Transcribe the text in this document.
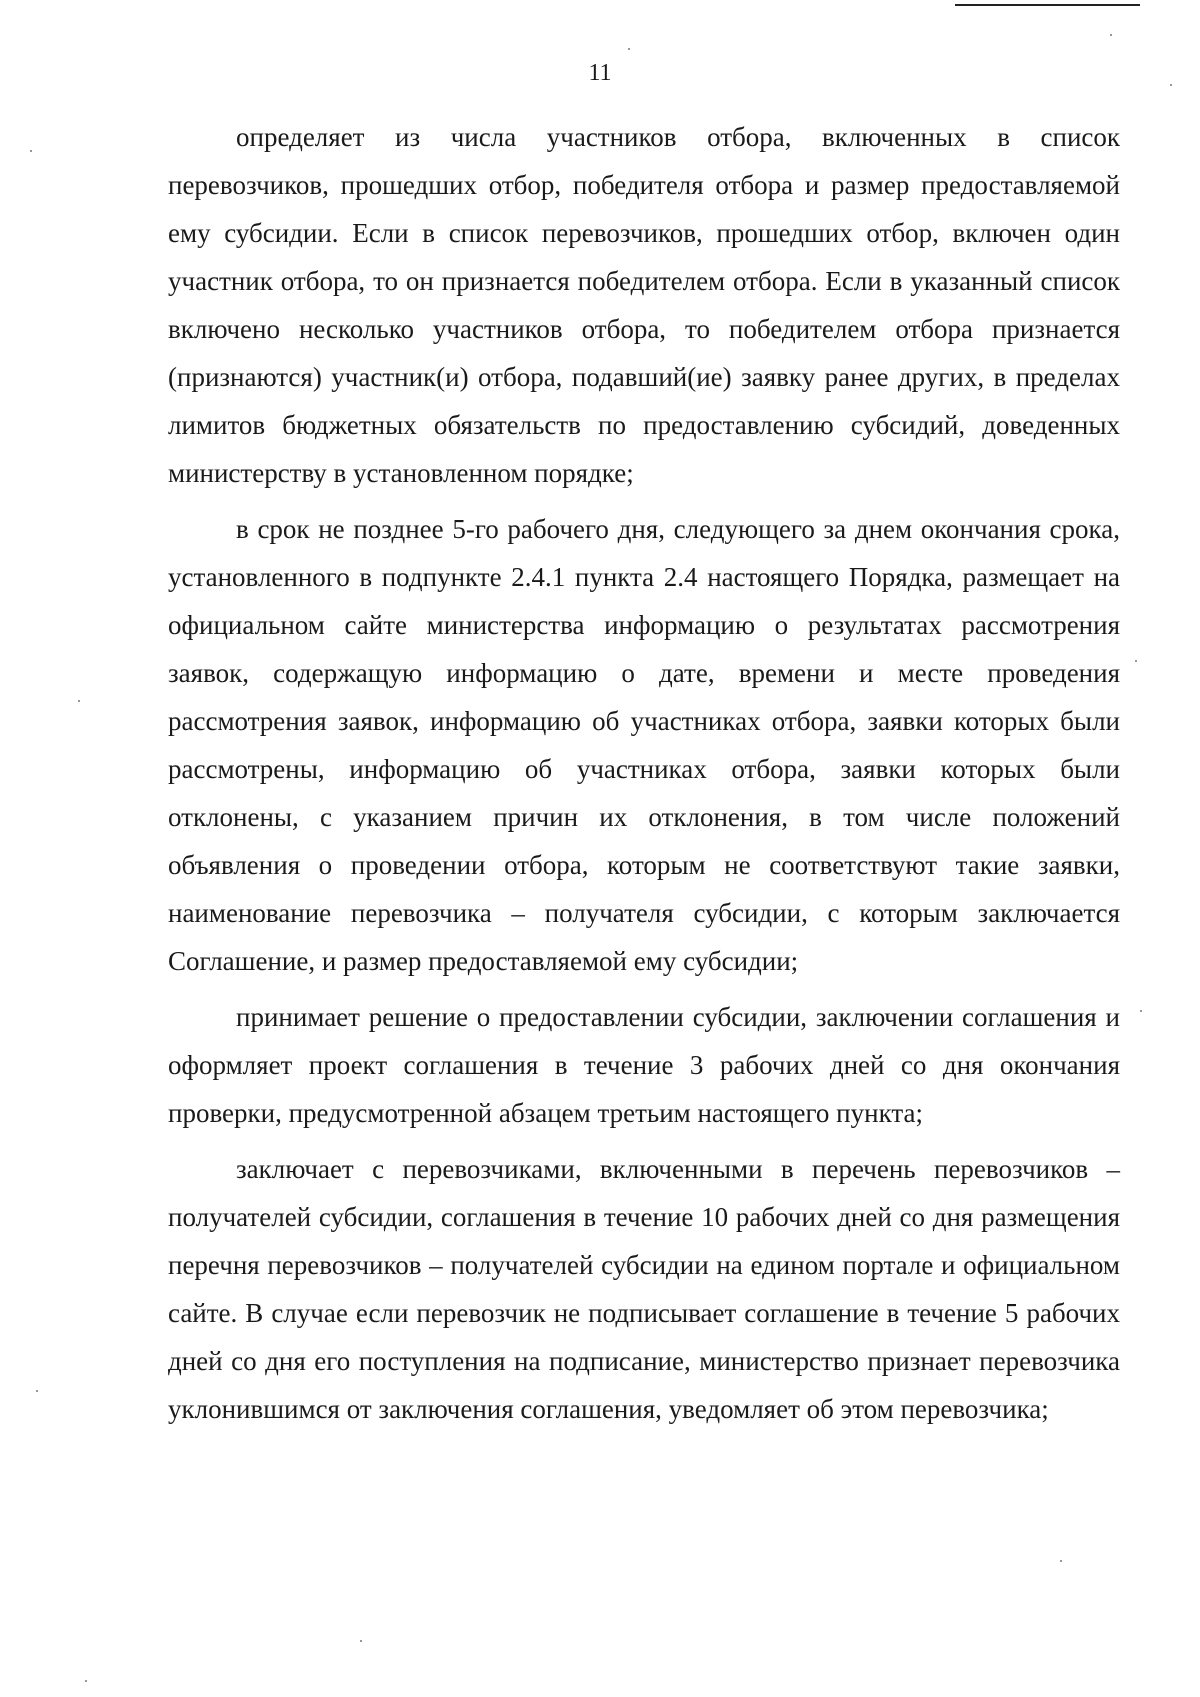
11

определяет из числа участников отбора, включенных в список перевозчиков, прошедших отбор, победителя отбора и размер предоставляемой ему субсидии. Если в список перевозчиков, прошедших отбор, включен один участник отбора, то он признается победителем отбора. Если в указанный список включено несколько участников отбора, то победителем отбора признается (признаются) участник(и) отбора, подавший(ие) заявку ранее других, в пределах лимитов бюджетных обязательств по предоставлению субсидий, доведенных министерству в установленном порядке;

в срок не позднее 5-го рабочего дня, следующего за днем окончания срока, установленного в подпункте 2.4.1 пункта 2.4 настоящего Порядка, размещает на официальном сайте министерства информацию о результатах рассмотрения заявок, содержащую информацию о дате, времени и месте проведения рассмотрения заявок, информацию об участниках отбора, заявки которых были рассмотрены, информацию об участниках отбора, заявки которых были отклонены, с указанием причин их отклонения, в том числе положений объявления о проведении отбора, которым не соответствуют такие заявки, наименование перевозчика – получателя субсидии, с которым заключается Соглашение, и размер предоставляемой ему субсидии;

принимает решение о предоставлении субсидии, заключении соглашения и оформляет проект соглашения в течение 3 рабочих дней со дня окончания проверки, предусмотренной абзацем третьим настоящего пункта;

заключает с перевозчиками, включенными в перечень перевозчиков – получателей субсидии, соглашения в течение 10 рабочих дней со дня размещения перечня перевозчиков – получателей субсидии на едином портале и официальном сайте. В случае если перевозчик не подписывает соглашение в течение 5 рабочих дней со дня его поступления на подписание, министерство признает перевозчика уклонившимся от заключения соглашения, уведомляет об этом перевозчика;
